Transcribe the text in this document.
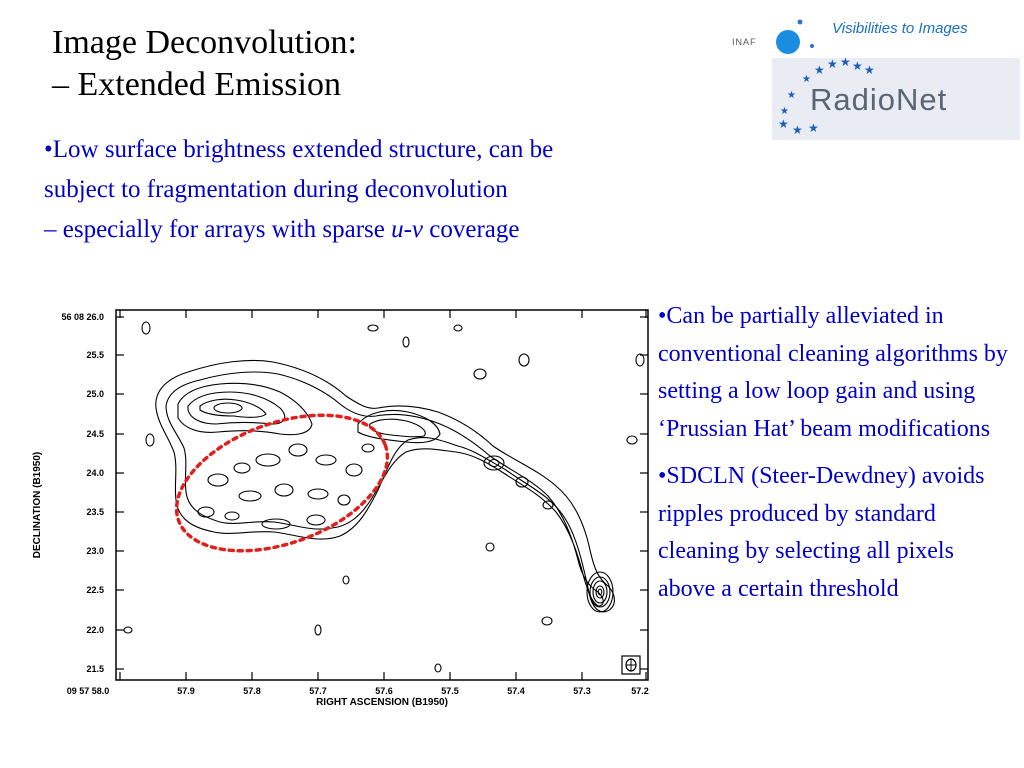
Image Deconvolution:
– Extended Emission	★ ★ ★ ★ ★
★
★
★
★ ★ ★
Visibilities to Images
INAF
RadioNet
•Low surface brightness extended structure, can be
subject to fragmentation during deconvolution
– especially for arrays with sparse u-v coverage

•Can be partially alleviated in conventional cleaning algorithms by setting a low loop gain and using ‘Prussian Hat’ beam modifications

•SDCLN (Steer-Dewdney) avoids ripples produced by standard cleaning by selecting all pixels above a certain threshold

56 08 26.0
25.5
25.0
24.5
24.0
23.5
23.0
22.5
22.0
21.5
09 57 58.0	57.9	57.8	57.7	57.6	57.5	57.4	57.3	57.2
RIGHT ASCENSION (B1950)
DECLINATION (B1950)
